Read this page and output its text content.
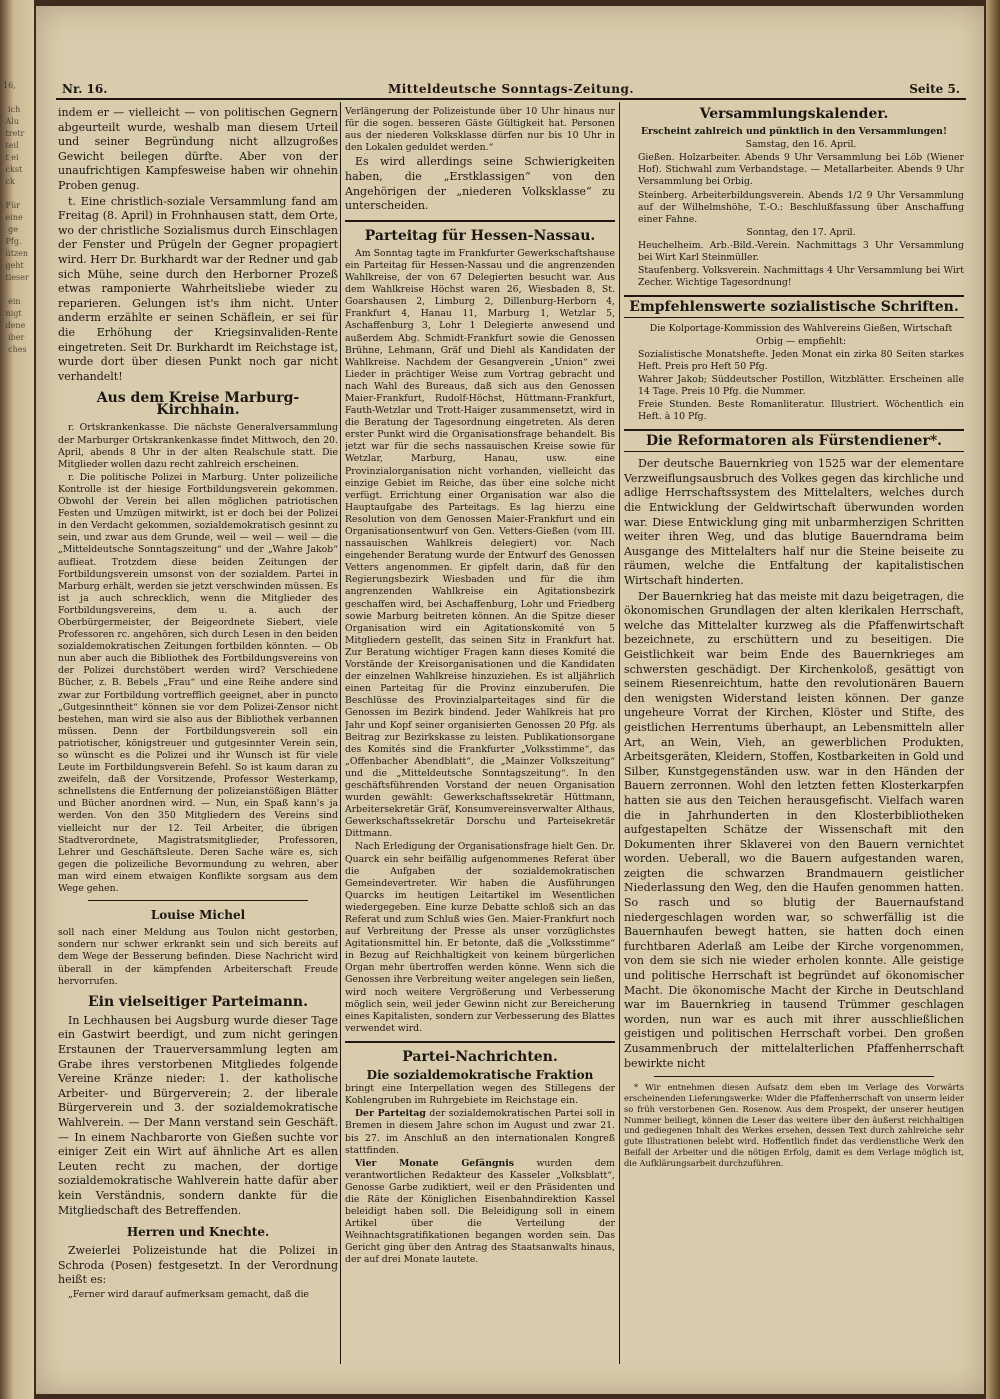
16,

ich
Alu
tretr
teil
t ei
ckst
ck

Für
eine
ge
Pfg.
ützen
geht
tieser

ein
nigt
dene
iber
ches
Nr. 16.	Mitteldeutsche Sonntags-Zeitung.	Seite 5.

indem er — vielleicht — von politischen Gegnern abgeurteilt wurde, weshalb man diesem Urteil und seiner Begründung nicht allzugroßes Gewicht beilegen dürfte. Aber von der unaufrichtigen Kampfesweise haben wir ohnehin Proben genug.

t. Eine christlich-soziale Versammlung fand am Freitag (8. April) in Frohnhausen statt, dem Orte, wo der christliche Sozialismus durch Einschlagen der Fenster und Prügeln der Gegner propagiert wird. Herr Dr. Burkhardt war der Redner und gab sich Mühe, seine durch den Herborner Prozeß etwas ramponierte Wahrheitsliebe wieder zu reparieren. Gelungen ist's ihm nicht. Unter anderm erzählte er seinen Schäflein, er sei für die Erhöhung der Kriegsinvaliden-Rente eingetreten. Seit Dr. Burkhardt im Reichstage ist, wurde dort über diesen Punkt noch gar nicht verhandelt!

Aus dem Kreise Marburg-Kirchhain.

r. Ortskrankenkasse. Die nächste Generalversammlung der Marburger Ortskrankenkasse findet Mittwoch, den 20. April, abends 8 Uhr in der alten Realschule statt. Die Mitglieder wollen dazu recht zahlreich erscheinen.

r. Die politische Polizei in Marburg. Unter polizeiliche Kontrolle ist der hiesige Fortbildungsverein gekommen. Obwohl der Verein bei allen möglichen patriotischen Festen und Umzügen mitwirkt, ist er doch bei der Polizei in den Verdacht gekommen, sozialdemokratisch gesinnt zu sein, und zwar aus dem Grunde, weil — weil — weil — die „Mitteldeutsche Sonntagszeitung“ und der „Wahre Jakob“ auflieat. Trotzdem diese beiden Zeitungen der Fortbildungsverein umsonst von der sozialdem. Partei in Marburg erhält, werden sie jetzt verschwinden müssen. Es ist ja auch schrecklich, wenn die Mitglieder des Fortbildungsvereins, dem u. a. auch der Oberbürgermeister, der Beigeordnete Siebert, viele Professoren rc. angehören, sich durch Lesen in den beiden sozialdemokratischen Zeitungen fortbilden könnten. — Ob nun aber auch die Bibliothek des Fortbildungsvereins von der Polizei durchstöbert werden wird? Verschiedene Bücher, z. B. Bebels „Frau“ und eine Reihe andere sind zwar zur Fortbildung vortrefflich geeignet, aber in puncto „Gutgesinntheit“ können sie vor dem Polizei-Zensor nicht bestehen, man wird sie also aus der Bibliothek verbannen müssen. Denn der Fortbildungsverein soll ein patriotischer, königstreuer und gutgesinnter Verein sein, so wünscht es die Polizei und ihr Wunsch ist für viele Leute im Fortbildungsverein Befehl. So ist kaum daran zu zweifeln, daß der Vorsitzende, Professor Westerkamp, schnellstens die Entfernung der polizeianstößigen Blätter und Bücher anordnen wird. — Nun, ein Spaß kann's ja werden. Von den 350 Mitgliedern des Vereins sind vielleicht nur der 12. Teil Arbeiter, die übrigen Stadtverordnete, Magistratsmitglieder, Professoren, Lehrer und Geschäftsleute. Deren Sache wäre es, sich gegen die polizeiliche Bevormundung zu wehren, aber man wird einem etwaigen Konflikte sorgsam aus dem Wege gehen.

Louise Michel

soll nach einer Meldung aus Toulon nicht gestorben, sondern nur schwer erkrankt sein und sich bereits auf dem Wege der Besserung befinden. Diese Nachricht wird überall in der kämpfenden Arbeiterschaft Freude hervorrufen.

Ein vielseitiger Parteimann.

In Lechhausen bei Augsburg wurde dieser Tage ein Gastwirt beerdigt, und zum nicht geringen Erstaunen der Trauerversammlung legten am Grabe ihres verstorbenen Mitgliedes folgende Vereine Kränze nieder: 1. der katholische Arbeiter- und Bürgerverein; 2. der liberale Bürgerverein und 3. der sozialdemokratische Wahlverein. — Der Mann verstand sein Geschäft. — In einem Nachbarorte von Gießen suchte vor einiger Zeit ein Wirt auf ähnliche Art es allen Leuten recht zu machen, der dortige sozialdemokratische Wahlverein hatte dafür aber kein Verständnis, sondern dankte für die Mitgliedschaft des Betreffenden.

Herren und Knechte.

Zweierlei Polizeistunde hat die Polizei in Schroda (Posen) festgesetzt. In der Verordnung heißt es:

„Ferner wird darauf aufmerksam gemacht, daß die

Verlängerung der Polizeistunde über 10 Uhr hinaus nur für die sogen. besseren Gäste Gültigkeit hat. Personen aus der niederen Volksklasse dürfen nur bis 10 Uhr in den Lokalen geduldet werden.“

Es wird allerdings seine Schwierigkeiten haben, die „Erstklassigen“ von den Angehörigen der „niederen Volksklasse“ zu unterscheiden.

Parteitag für Hessen-Nassau.

Am Sonntag tagte im Frankfurter Gewerkschaftshause ein Parteitag für Hessen-Nassau und die angrenzenden Wahlkreise, der von 67 Delegierten besucht war. Aus dem Wahlkreise Höchst waren 26, Wiesbaden 8, St. Goarshausen 2, Limburg 2, Dillenburg-Herborn 4, Frankfurt 4, Hanau 11, Marburg 1, Wetzlar 5, Aschaffenburg 3, Lohr 1 Delegierte anwesend und außerdem Abg. Schmidt-Frankfurt sowie die Genossen Brühne, Lehmann, Gräf und Diehl als Kandidaten der Wahlkreise. Nachdem der Gesangverein „Union“ zwei Lieder in prächtiger Weise zum Vortrag gebracht und nach Wahl des Bureaus, daß sich aus den Genossen Maier-Frankfurt, Rudolf-Höchst, Hüttmann-Frankfurt, Fauth-Wetzlar und Trott-Haiger zusammensetzt, wird in die Beratung der Tagesordnung eingetreten. Als deren erster Punkt wird die Organisationsfrage behandelt. Bis jetzt war für die sechs nassauischen Kreise sowie für Wetzlar, Marburg, Hanau, usw. eine Provinzialorganisation nicht vorhanden, vielleicht das einzige Gebiet im Reiche, das über eine solche nicht verfügt. Errichtung einer Organisation war also die Hauptaufgabe des Parteitags. Es lag hierzu eine Resolution von dem Genossen Maier-Frankfurt und ein Organisationsentwurf von Gen. Vetters-Gießen (vom III. nassauischen Wahlkreis delegiert) vor. Nach eingehender Beratung wurde der Entwurf des Genossen Vetters angenommen. Er gipfelt darin, daß für den Regierungsbezirk Wiesbaden und für die ihm angrenzenden Wahlkreise ein Agitationsbezirk geschaffen wird, bei Aschaffenburg, Lohr und Friedberg sowie Marburg beitreten können. An die Spitze dieser Organisation wird ein Agitationskomité von 5 Mitgliedern gestellt, das seinen Sitz in Frankfurt hat. Zur Beratung wichtiger Fragen kann dieses Komité die Vorstände der Kreisorganisationen und die Kandidaten der einzelnen Wahlkreise hinzuziehen. Es ist alljährlich einen Parteitag für die Provinz einzuberufen. Die Beschlüsse des Provinzialparteitages sind für die Genossen im Bezirk bindend. Jeder Wahlkreis hat pro Jahr und Kopf seiner organisierten Genossen 20 Pfg. als Beitrag zur Bezirkskasse zu leisten. Publikationsorgane des Komités sind die Frankfurter „Volksstimme“, das „Offenbacher Abendblatt“, die „Mainzer Volkszeitung“ und die „Mitteldeutsche Sonntagszeitung“. In den geschäftsführenden Vorstand der neuen Organisation wurden gewählt: Gewerkschaftssekretär Hüttmann, Arbeitersekretär Gräf, Konsumvereinsverwalter Althaus, Gewerkschaftssekretär Dorschu und Parteisekretär Dittmann.

Nach Erledigung der Organisationsfrage hielt Gen. Dr. Quarck ein sehr beifällig aufgenommenes Referat über die Aufgaben der sozialdemokratischen Gemeindevertreter. Wir haben die Ausführungen Quarcks im heutigen Leitartikel im Wesentlichen wiedergegeben. Eine kurze Debatte schloß sich an das Referat und zum Schluß wies Gen. Maier-Frankfurt noch auf Verbreitung der Presse als unser vorzüglichstes Agitationsmittel hin. Er betonte, daß die „Volksstimme“ in Bezug auf Reichhaltigkeit von keinem bürgerlichen Organ mehr übertroffen werden könne. Wenn sich die Genossen ihre Verbreitung weiter angelegen sein ließen, wird noch weitere Vergrößerung und Verbesserung möglich sein, weil jeder Gewinn nicht zur Bereicherung eines Kapitalisten, sondern zur Verbesserung des Blattes verwendet wird.

Partei-Nachrichten.
Die sozialdemokratische Fraktion

bringt eine Interpellation wegen des Stillegens der Kohlengruben im Ruhrgebiete im Reichstage ein.

Der Parteitag der sozialdemokratischen Partei soll in Bremen in diesem Jahre schon im August und zwar 21. bis 27. im Anschluß an den internationalen Kongreß stattfinden.

Vier Monate Gefängnis wurden dem verantwortlichen Redakteur des Kasseler „Volksblatt“, Genosse Garbe zudiktiert, weil er den Präsidenten und die Räte der Königlichen Eisenbahndirektion Kassel beleidigt haben soll. Die Beleidigung soll in einem Artikel über die Verteilung der Weihnachtsgratifikationen begangen worden sein. Das Gericht ging über den Antrag des Staatsanwalts hinaus, der auf drei Monate lautete.

Versammlungskalender.

Erscheint zahlreich und pünktlich in den Versammlungen!

Samstag, den 16. April.

Gießen. Holzarbeiter. Abends 9 Uhr Versammlung bei Löb (Wiener Hof). Stichwahl zum Verbandstage. — Metallarbeiter. Abends 9 Uhr Versammlung bei Orbig.

Steinberg. Arbeiterbildungsverein. Abends 1/2 9 Uhr Versammlung auf der Wilhelmshöhe, T.-O.: Beschlußfassung über Anschaffung einer Fahne.

Sonntag, den 17. April.

Heuchelheim. Arb.-Bild.-Verein. Nachmittags 3 Uhr Versammlung bei Wirt Karl Steinmüller.

Staufenberg. Volksverein. Nachmittags 4 Uhr Versammlung bei Wirt Zecher. Wichtige Tagesordnung!

Empfehlenswerte sozialistische Schriften.

Die Kolportage-Kommission des Wahlvereins Gießen, Wirtschaft Orbig — empfiehlt:

Sozialistische Monatshefte. Jeden Monat ein zirka 80 Seiten starkes Heft. Preis pro Heft 50 Pfg.

Wahrer Jakob; Süddeutscher Postillon, Witzblätter. Erscheinen alle 14 Tage. Preis 10 Pfg. die Nummer.

Freie Stunden. Beste Romanliteratur. Illustriert. Wöchentlich ein Heft. à 10 Pfg.

Die Reformatoren als Fürstendiener*.

Der deutsche Bauernkrieg von 1525 war der elementare Verzweiflungsausbruch des Volkes gegen das kirchliche und adlige Herrschaftssystem des Mittelalters, welches durch die Entwicklung der Geldwirtschaft überwunden worden war. Diese Entwicklung ging mit unbarmherzigen Schritten weiter ihren Weg, und das blutige Bauerndrama beim Ausgange des Mittelalters half nur die Steine beiseite zu räumen, welche die Entfaltung der kapitalistischen Wirtschaft hinderten.

Der Bauernkrieg hat das meiste mit dazu beigetragen, die ökonomischen Grundlagen der alten klerikalen Herrschaft, welche das Mittelalter kurzweg als die Pfaffenwirtschaft bezeichnete, zu erschüttern und zu beseitigen. Die Geistlichkeit war beim Ende des Bauernkrieges am schwersten geschädigt. Der Kirchenkoloß, gesättigt von seinem Riesenreichtum, hatte den revolutionären Bauern den wenigsten Widerstand leisten können. Der ganze ungeheure Vorrat der Kirchen, Klöster und Stifte, des geistlichen Herrentums überhaupt, an Lebensmitteln aller Art, an Wein, Vieh, an gewerblichen Produkten, Arbeitsgeräten, Kleidern, Stoffen, Kostbarkeiten in Gold und Silber, Kunstgegenständen usw. war in den Händen der Bauern zerronnen. Wohl den letzten fetten Klosterkarpfen hatten sie aus den Teichen herausgefischt. Vielfach waren die in Jahrhunderten in den Klosterbibliotheken aufgestapelten Schätze der Wissenschaft mit den Dokumenten ihrer Sklaverei von den Bauern vernichtet worden. Ueberall, wo die Bauern aufgestanden waren, zeigten die schwarzen Brandmauern geistlicher Niederlassung den Weg, den die Haufen genommen hatten. So rasch und so blutig der Bauernaufstand niedergeschlagen worden war, so schwerfällig ist die Bauernhaufen bewegt hatten, sie hatten doch einen furchtbaren Aderlaß am Leibe der Kirche vorgenommen, von dem sie sich nie wieder erholen konnte. Alle geistige und politische Herrschaft ist begründet auf ökonomischer Macht. Die ökonomische Macht der Kirche in Deutschland war im Bauernkrieg in tausend Trümmer geschlagen worden, nun war es auch mit ihrer ausschließlichen geistigen und politischen Herrschaft vorbei. Den großen Zusammenbruch der mittelalterlichen Pfaffenherrschaft bewirkte nicht

* Wir entnehmen diesen Aufsatz dem eben im Verlage des Vorwärts erscheinenden Lieferungswerke: Wider die Pfaffenherrschaft von unserm leider so früh verstorbenen Gen. Rosenow. Aus dem Prospekt, der unserer heutigen Nummer beiliegt, können die Leser das weitere über den äußerst reichhaltigen und gediegenen Inhalt des Werkes ersehen, dessen Text durch zahlreiche sehr gute Illustrationen belebt wird. Hoffentlich findet das verdienstliche Werk den Beifall der Arbeiter und die nötigen Erfolg, damit es dem Verlage möglich ist, die Aufklärungsarbeit durchzuführen.
